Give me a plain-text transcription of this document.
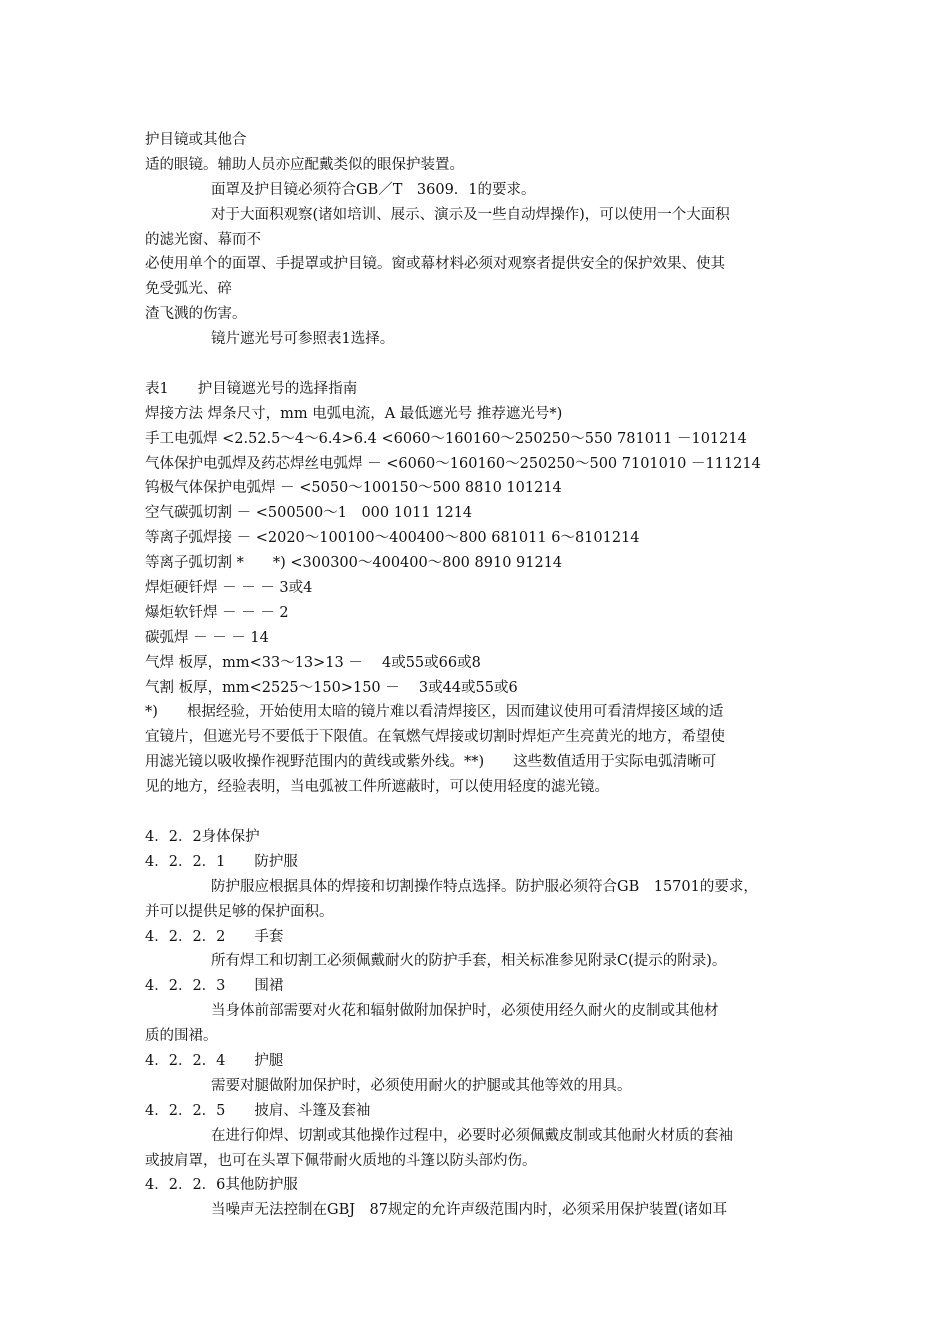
护目镜或其他合
适的眼镜。辅助人员亦应配戴类似的眼保护装置。
面罩及护目镜必须符合GB／T　3609．1的要求。
对于大面积观察(诸如培训、展示、演示及一些自动焊操作)，可以使用一个大面积
的滤光窗、幕而不
必使用单个的面罩、手提罩或护目镜。窗或幕材料必须对观察者提供安全的保护效果、使其
免受弧光、碎
渣飞溅的伤害。
镜片遮光号可参照表1选择。
表1　　护目镜遮光号的选择指南
焊接方法 焊条尺寸，mm 电弧电流，A 最低遮光号 推荐遮光号*)
手工电弧焊 <2.52.5～4～6.4>6.4 <6060～160160～250250～550 781011 －101214
气体保护电弧焊及药芯焊丝电弧焊 － <6060～160160～250250～500 7101010 －111214
钨极气体保护电弧焊 － <5050～100150～500 8810 101214
空气碳弧切割 － <500500～1　000 1011 1214
等离子弧焊接 － <2020～100100～400400～800 681011 6～8101214
等离子弧切割 *　　*) <300300～400400～800 8910 91214
焊炬硬钎焊 － － － 3或4
爆炬软钎焊 － － － 2
碳弧焊 － － － 14
气焊 板厚，mm<33～13>13 －　 4或55或66或8
气割 板厚，mm<2525～150>150 －　 3或44或55或6
*)　　根据经验，开始使用太暗的镜片难以看清焊接区，因而建议使用可看清焊接区域的适
宜镜片，但遮光号不要低于下限值。在氧燃气焊接或切割时焊炬产生亮黄光的地方，希望使
用滤光镜以吸收操作视野范围内的黄线或紫外线。**)　　这些数值适用于实际电弧清晰可
见的地方，经验表明，当电弧被工件所遮蔽时，可以使用轻度的滤光镜。
4．2．2身体保护
4．2．2．1　　防护服
防护服应根据具体的焊接和切割操作特点选择。防护服必须符合GB　15701的要求，
并可以提供足够的保护面积。
4．2．2．2　　手套
所有焊工和切割工必须佩戴耐火的防护手套，相关标准参见附录C(提示的附录)。
4．2．2．3　　围裙
当身体前部需要对火花和辐射做附加保护时，必须使用经久耐火的皮制或其他材
质的围裙。
4．2．2．4　　护腿
需要对腿做附加保护时，必须使用耐火的护腿或其他等效的用具。
4．2．2．5　　披肩、斗篷及套袖
在进行仰焊、切割或其他操作过程中，必要时必须佩戴皮制或其他耐火材质的套袖
或披肩罩，也可在头罩下佩带耐火质地的斗篷以防头部灼伤。
4．2．2．6其他防护服
当噪声无法控制在GBJ　87规定的允许声级范围内时，必须采用保护装置(诸如耳
